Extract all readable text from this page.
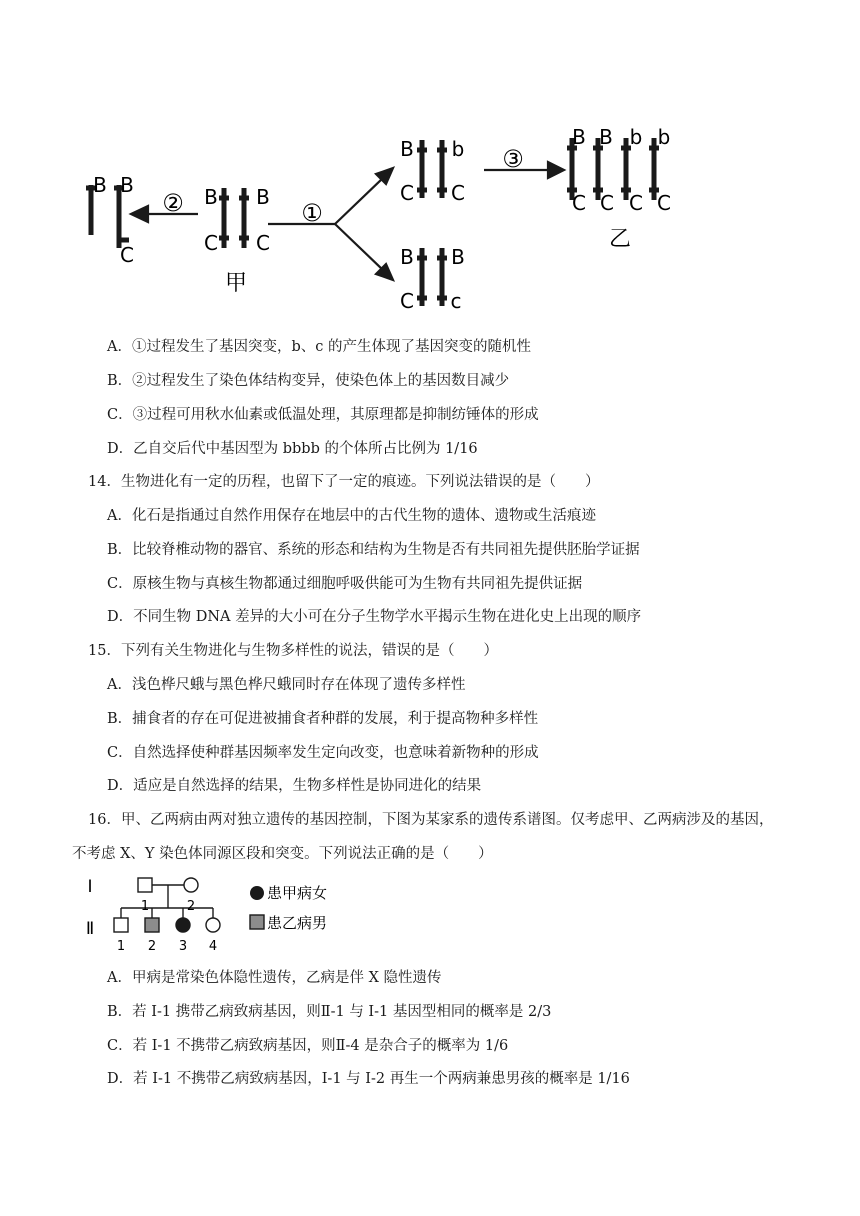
②	①
③
B B
C
B B
C C
甲
B b
C C
B B
C c
B B b b
C C C C
乙
A．①过程发生了基因突变，b、c 的产生体现了基因突变的随机性
B．②过程发生了染色体结构变异，使染色体上的基因数目减少
C．③过程可用秋水仙素或低温处理，其原理都是抑制纺锤体的形成
D．乙自交后代中基因型为 bbbb 的个体所占比例为 1/16
14．生物进化有一定的历程，也留下了一定的痕迹。下列说法错误的是（　　）
A．化石是指通过自然作用保存在地层中的古代生物的遗体、遗物或生活痕迹
B．比较脊椎动物的器官、系统的形态和结构为生物是否有共同祖先提供胚胎学证据
C．原核生物与真核生物都通过细胞呼吸供能可为生物有共同祖先提供证据
D．不同生物 DNA 差异的大小可在分子生物学水平揭示生物在进化史上出现的顺序
15．下列有关生物进化与生物多样性的说法，错误的是（　　）
A．浅色桦尺蛾与黑色桦尺蛾同时存在体现了遗传多样性
B．捕食者的存在可促进被捕食者种群的发展，利于提高物种多样性
C．自然选择使种群基因频率发生定向改变，也意味着新物种的形成
D．适应是自然选择的结果，生物多样性是协同进化的结果
16．甲、乙两病由两对独立遗传的基因控制，下图为某家系的遗传系谱图。仅考虑甲、乙两病涉及的基因，
不考虑 X、Y 染色体同源区段和突变。下列说法正确的是（　　）
Ⅰ
Ⅱ
1	2
1 2 3 4
患甲病女
患乙病男
A．甲病是常染色体隐性遗传，乙病是伴 X 隐性遗传
B．若 I-1 携带乙病致病基因，则Ⅱ-1 与 I-1 基因型相同的概率是 2/3
C．若 I-1 不携带乙病致病基因，则Ⅱ-4 是杂合子的概率为 1/6
D．若 I-1 不携带乙病致病基因，I-1 与 I-2 再生一个两病兼患男孩的概率是 1/16
